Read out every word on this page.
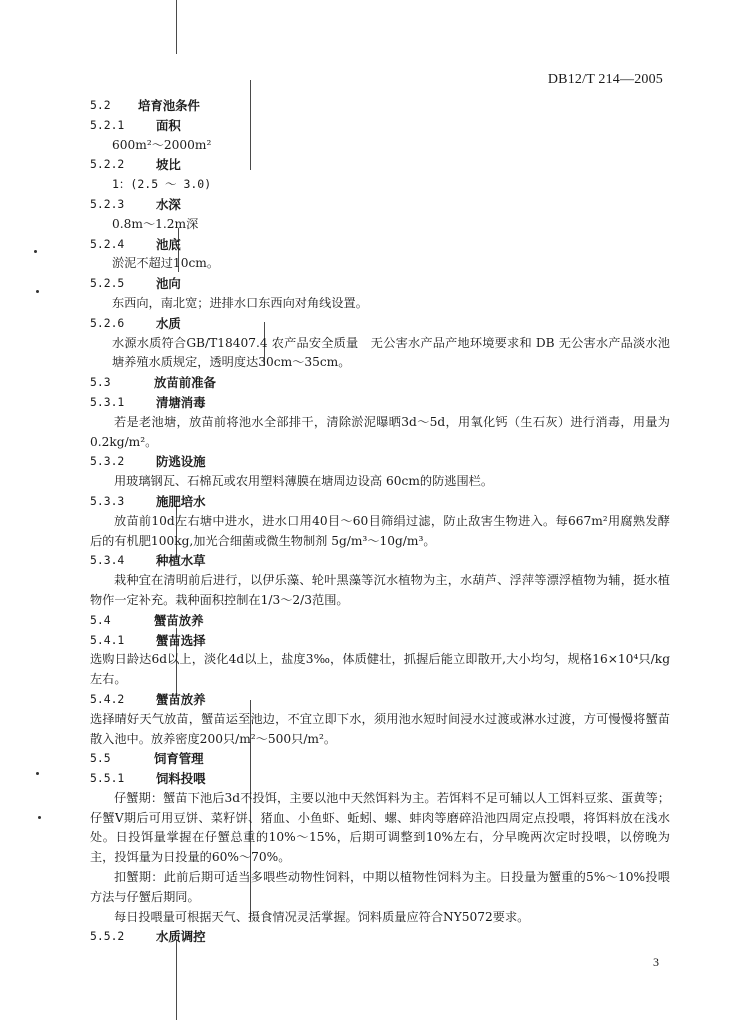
DB12/T 214—2005
5.2	培育池条件
5.2.1	面积
600m²～2000m²
5.2.2	坡比
1：(2.5 ～ 3.0)
5.2.3	水深
0.8m～1.2m深
5.2.4	池底
淤泥不超过10cm。
5.2.5	池向
东西向，南北宽；进排水口东西向对角线设置。
5.2.6	水质
水源水质符合GB/T18407.4 农产品安全质量　无公害水产品产地环境要求和 DB 无公害水产品淡水池塘养殖水质规定，透明度达30cm～35cm。
5.3	放苗前准备
5.3.1	清塘消毒
若是老池塘，放苗前将池水全部排干，清除淤泥曝晒3d～5d，用氧化钙（生石灰）进行消毒，用量为0.2kg/m²。
5.3.2	防逃设施
用玻璃钢瓦、石棉瓦或农用塑料薄膜在塘周边设高 60cm的防逃围栏。
5.3.3	施肥培水
放苗前10d左右塘中进水，进水口用40目～60目筛绢过滤，防止敌害生物进入。每667m²用腐熟发酵后的有机肥100kg,加光合细菌或微生物制剂 5g/m³～10g/m³。
5.3.4	种植水草
栽种宜在清明前后进行，以伊乐藻、轮叶黑藻等沉水植物为主，水葫芦、浮萍等漂浮植物为辅，挺水植物作一定补充。栽种面积控制在1/3～2/3范围。
5.4	蟹苗放养
5.4.1	蟹苗选择
选购日龄达6d以上，淡化4d以上，盐度3‰，体质健壮，抓握后能立即散开,大小均匀，规格16×10⁴只/kg左右。
5.4.2	蟹苗放养
选择晴好天气放苗，蟹苗运至池边，不宜立即下水，须用池水短时间浸水过渡或淋水过渡，方可慢慢将蟹苗散入池中。放养密度200只/m²～500只/m²。
5.5	饲育管理
5.5.1	饲料投喂
仔蟹期：蟹苗下池后3d不投饵，主要以池中天然饵料为主。若饵料不足可辅以人工饵料豆浆、蛋黄等；仔蟹Ⅴ期后可用豆饼、菜籽饼、猪血、小鱼虾、蚯蚓、螺、蚌肉等磨碎沿池四周定点投喂，将饵料放在浅水处。日投饵量掌握在仔蟹总重的10%～15%，后期可调整到10%左右，分早晚两次定时投喂，以傍晚为主，投饵量为日投量的60%～70%。
扣蟹期：此前后期可适当多喂些动物性饲料，中期以植物性饲料为主。日投量为蟹重的5%～10%投喂方法与仔蟹后期同。
每日投喂量可根据天气、摄食情况灵活掌握。饲料质量应符合NY5072要求。
5.5.2	水质调控
3
